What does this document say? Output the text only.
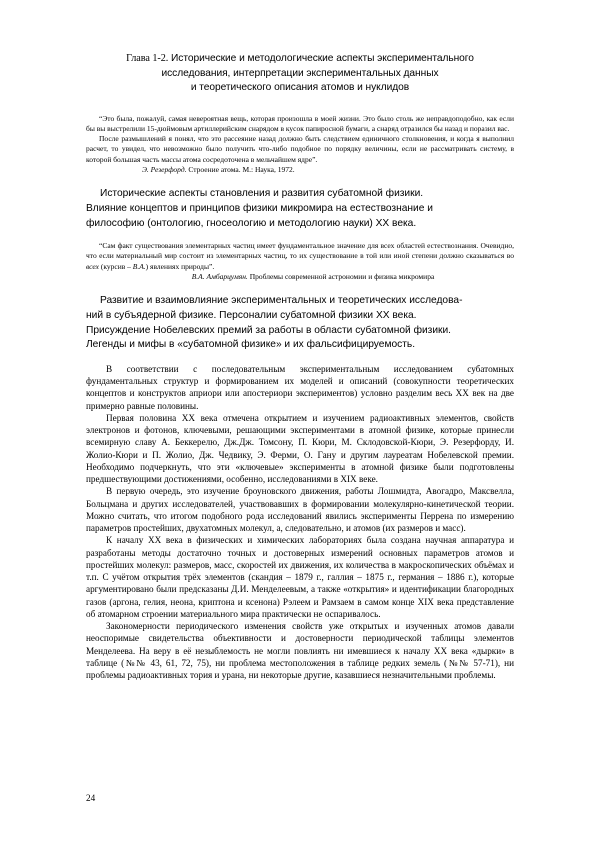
Глава 1-2. Исторические и методологические аспекты экспериментального
исследования, интерпретации экспериментальных данных
и теоретического описания атомов и нуклидов

“Это была, пожалуй, самая невероятная вещь, которая произошла в моей жизни. Это было столь же неправдоподобно, как если бы вы выстрелили 15-дюймовым артиллерийским снарядом в кусок папиросной бумаги, а снаряд отразился бы назад и поразил вас.

После размышлений я понял, что это рассеяние назад должно быть следствием единичного столкновения, и когда я выполнил расчет, то увидел, что невозможно было получить что-либо подобное по порядку величины, если не рассматривать систему, в которой большая часть массы атома сосредоточена в мельчайшем ядре”.

Э. Резерфорд. Строение атома. М.: Наука, 1972.
Исторические аспекты становления и развития субатомной физики.
Влияние концептов и принципов физики микромира на естествознание и
философию (онтологию, гносеологию и методологию науки) XX века.

“Сам факт существования элементарных частиц имеет фундаментальное значение для всех областей естествознания. Очевидно, что если материальный мир состоит из элементарных частиц, то их существование в той или иной степени должно сказываться во всех (курсив – В.А.) явлениях природы”.

В.А. Амбарцумян. Проблемы современной астрономии и физика микромира
Развитие и взаимовлияние экспериментальных и теоретических исследова-
ний в субъядерной физике. Персоналии субатомной физики XX века.
Присуждение Нобелевских премий за работы в области субатомной физики.
Легенды и мифы в «субатомной физике» и их фальсифицируемость.

В соответствии с последовательным экспериментальным исследованием субатомных фундаментальных структур и формированием их моделей и описаний (совокупности теоретических концептов и конструктов априори или апостериори экспериментов) условно разделим весь XX век на две примерно равные половины.

Первая половина XX века отмечена открытием и изучением радиоактивных элементов, свойств электронов и фотонов, ключевыми, решающими экспериментами в атомной физике, которые принесли всемирную славу А. Беккерелю, Дж.Дж. Томсону, П. Кюри, М. Склодовской-Кюри, Э. Резерфорду, И. Жолио-Кюри и П. Жолио, Дж. Чедвику, Э. Ферми, О. Гану и другим лауреатам Нобелевской премии. Необходимо подчеркнуть, что эти «ключевые» эксперименты в атомной физике были подготовлены предшествующими достижениями, особенно, исследованиями в XIX веке.

В первую очередь, это изучение броуновского движения, работы Лошмидта, Авогадро, Максвелла, Больцмана и других исследователей, участвовавших в формировании молекулярно-кинетической теории. Можно считать, что итогом подобного рода исследований явились эксперименты Перрена по измерению параметров простейших, двухатомных молекул, а, следовательно, и атомов (их размеров и масс).

К началу XX века в физических и химических лабораториях была создана научная аппаратура и разработаны методы достаточно точных и достоверных измерений основных параметров атомов и простейших молекул: размеров, масс, скоростей их движения, их количества в макроскопических объёмах и т.п. С учётом открытия трёх элементов (скандия – 1879 г., галлия – 1875 г., германия – 1886 г.), которые аргументировано были предсказаны Д.И. Менделеевым, а также «открытия» и идентификации благородных газов (аргона, гелия, неона, криптона и ксенона) Рэлеем и Рамзаем в самом конце XIX века представление об атомарном строении материального мира практически не оспаривалось.

Закономерности периодического изменения свойств уже открытых и изученных атомов давали неоспоримые свидетельства объективности и достоверности периодической таблицы элементов Менделеева. На веру в её незыблемость не могли повлиять ни имевшиеся к началу XX века «дырки» в таблице (№№ 43, 61, 72, 75), ни проблема местоположения в таблице редких земель (№№ 57-71), ни проблемы радиоактивных тория и урана, ни некоторые другие, казавшиеся незначительными проблемы.

24
